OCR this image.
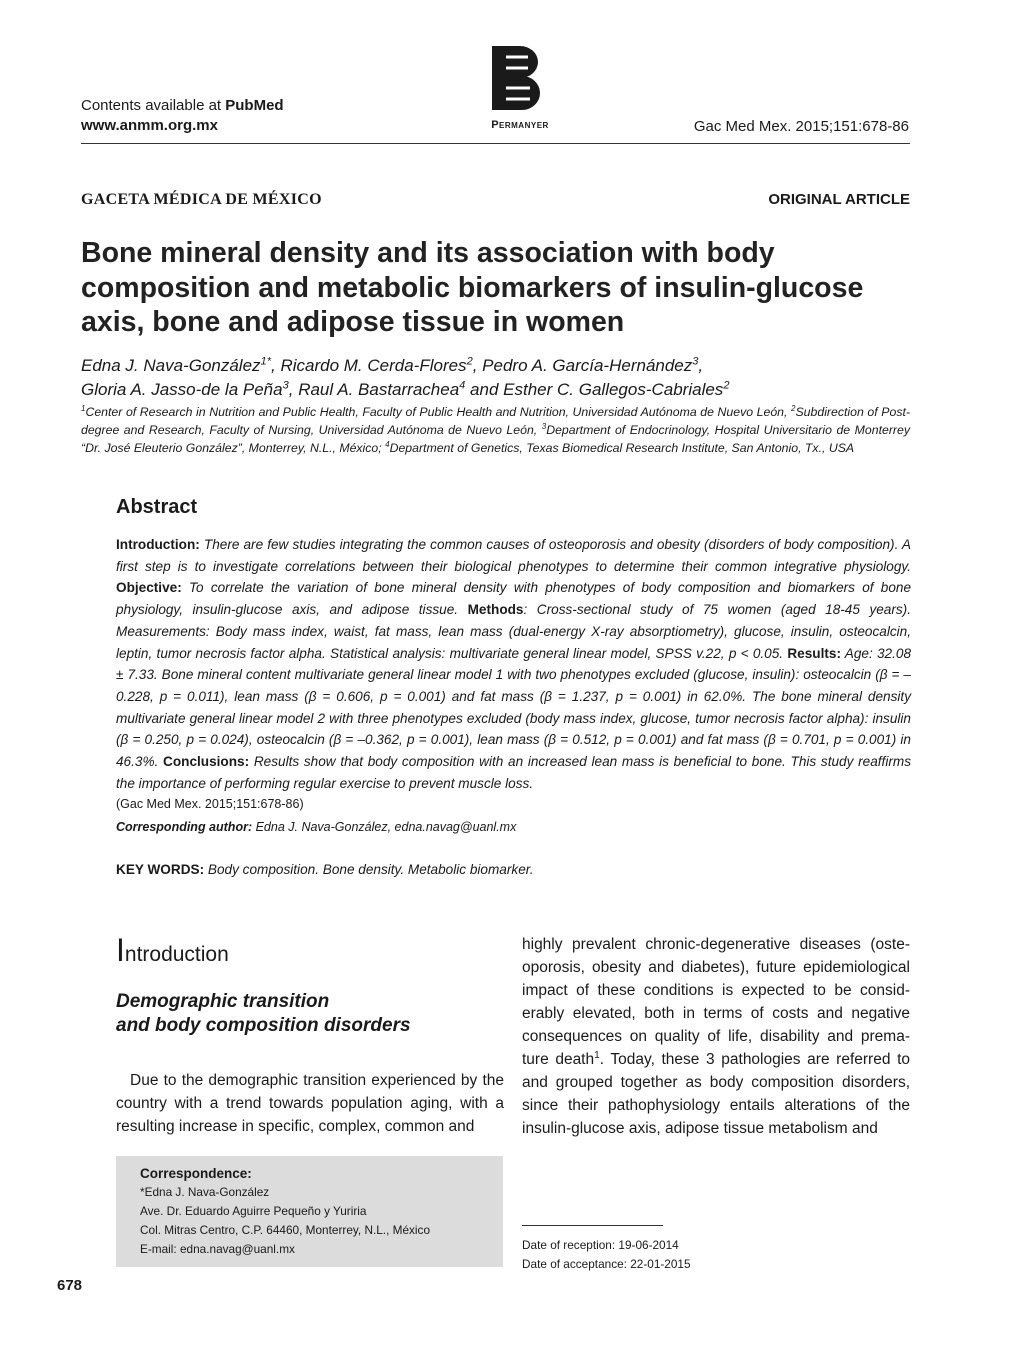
Contents available at PubMed
www.anmm.org.mx	Permanyer	Gac Med Mex. 2015;151:678-86
GACETA MÉDICA DE MÉXICO	ORIGINAL ARTICLE
Bone mineral density and its association with body composition and metabolic biomarkers of insulin-glucose axis, bone and adipose tissue in women
Edna J. Nava-González$^{1*}$, Ricardo M. Cerda-Flores$^2$, Pedro A. García-Hernández$^3$,
Gloria A. Jasso-de la Peña$^3$, Raul A. Bastarrachea$^4$ and Esther C. Gallegos-Cabriales$^2$
$^1$Center of Research in Nutrition and Public Health, Faculty of Public Health and Nutrition, Universidad Autónoma de Nuevo León, $^2$Subdirection of Post-degree and Research, Faculty of Nursing, Universidad Autónoma de Nuevo León, $^3$Department of Endocrinology, Hospital Universitario de Monterrey “Dr. José Eleuterio González”, Monterrey, N.L., México; $^4$Department of Genetics, Texas Biomedical Research Institute, San Antonio, Tx., USA
Abstract
Introduction: There are few studies integrating the common causes of osteoporosis and obesity (disorders of body composition). A first step is to investigate correlations between their biological phenotypes to determine their common integrative physiology. Objective: To correlate the variation of bone mineral density with phenotypes of body composition and biomarkers of bone physiology, insulin-glucose axis, and adipose tissue. Methods: Cross-sectional study of 75 women (aged 18-45 years). Measurements: Body mass index, waist, fat mass, lean mass (dual-energy X-ray absorptiometry), glucose, insulin, osteocalcin, leptin, tumor necrosis factor alpha. Statistical analysis: multivariate general linear model, SPSS v.22, p < 0.05. Results: Age: 32.08 ± 7.33. Bone mineral content multivariate general linear model 1 with two phenotypes excluded (glucose, insulin): osteocalcin (β = –0.228, p = 0.011), lean mass (β = 0.606, p = 0.001) and fat mass (β = 1.237, p = 0.001) in 62.0%. The bone mineral density multivariate general linear model 2 with three phenotypes excluded (body mass index, glucose, tumor necrosis factor alpha): insulin (β = 0.250, p = 0.024), osteocalcin (β = –0.362, p = 0.001), lean mass (β = 0.512, p = 0.001) and fat mass (β = 0.701, p = 0.001) in 46.3%. Conclusions: Results show that body composition with an increased lean mass is beneficial to bone. This study reaffirms the importance of performing regular exercise to prevent muscle loss.
(Gac Med Mex. 2015;151:678-86)
Corresponding author: Edna J. Nava-González, edna.navag@uanl.mx
KEY WORDS: Body composition. Bone density. Metabolic biomarker.
Introduction
Demographic transition
and body composition disorders
Due to the demographic transition experienced by the country with a trend towards population aging, with a resulting increase in specific, complex, common and
highly prevalent chronic-degenerative diseases (oste-oporosis, obesity and diabetes), future epidemiological impact of these conditions is expected to be consid-erably elevated, both in terms of costs and negative consequences on quality of life, disability and prema-ture death$^1$. Today, these 3 pathologies are referred to and grouped together as body composition disorders, since their pathophysiology entails alterations of the insulin-glucose axis, adipose tissue metabolism and
Correspondence:
*Edna J. Nava-González
Ave. Dr. Eduardo Aguirre Pequeño y Yuriria
Col. Mitras Centro, C.P. 64460, Monterrey, N.L., México
E-mail: edna.navag@uanl.mx	Date of reception: 19-06-2014
Date of acceptance: 22-01-2015
678
